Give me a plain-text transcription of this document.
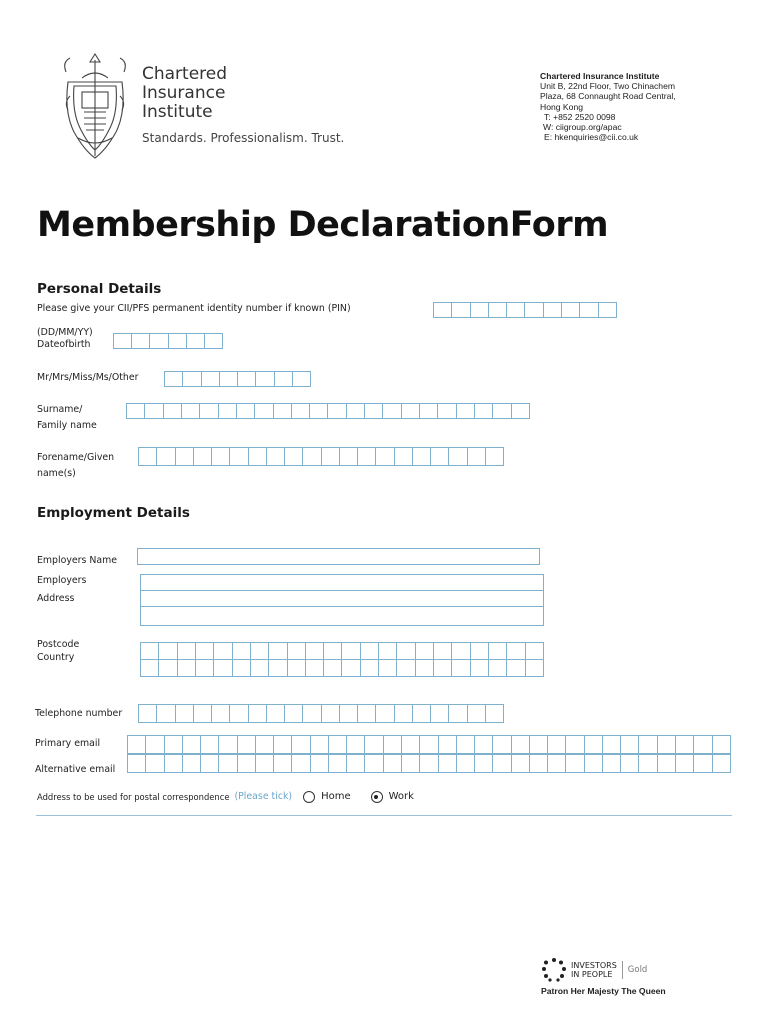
Chartered
Insurance
Institute
Standards. Professionalism. Trust.
Chartered Insurance Institute
Unit B, 22nd Floor, Two Chinachem
Plaza, 68 Connaught Road Central,
Hong Kong
T: +852 2520 0098
W: ciigroup.org/apac
E: hkenquiries@cii.co.uk
Membership DeclarationForm
Personal Details
Please give your CII/PFS permanent identity number if known (PIN)
(DD/MM/YY)
Dateofbirth
Mr/Mrs/Miss/Ms/Other
Surname/
Family name
Forename/Given
name(s)
Employment Details
Employers Name
Employers
Address
Postcode
Country
Telephone number
Primary email
Alternative email
Address to be used for postal correspondence (Please tick)	Home	Work
INVESTORS
IN PEOPLE	Gold
Patron Her Majesty The Queen
